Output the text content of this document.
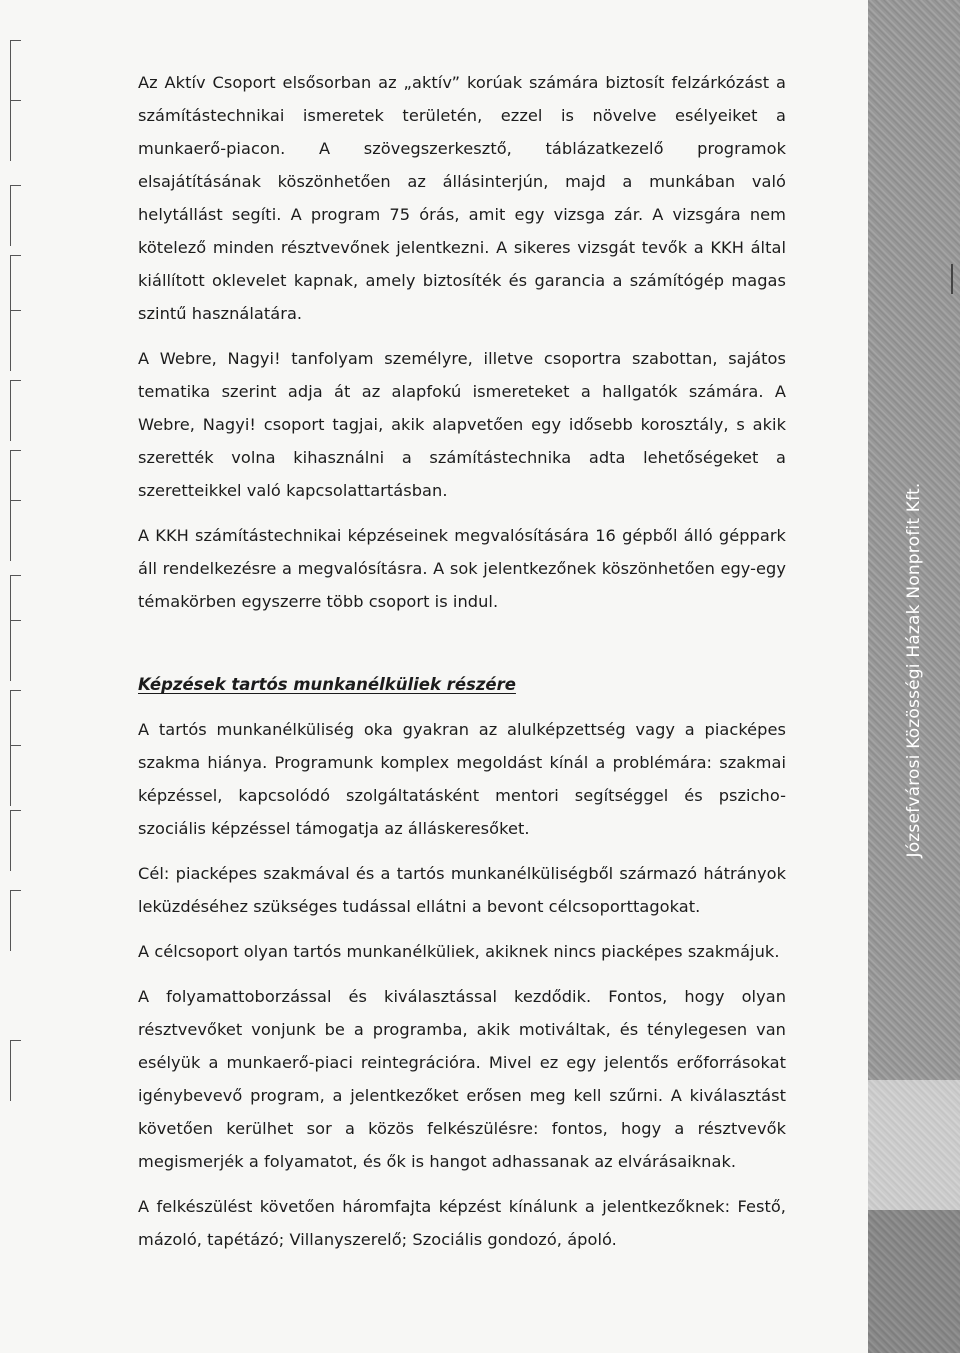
Az Aktív Csoport elsősorban az „aktív” korúak számára biztosít felzárkózást a számítástechnikai ismeretek területén, ezzel is növelve esélyeiket a munkaerő-piacon. A szövegszerkesztő, táblázatkezelő programok elsajátításának köszönhetően az állásinterjún, majd a munkában való helytállást segíti. A program 75 órás, amit egy vizsga zár. A vizsgára nem kötelező minden résztvevőnek jelentkezni. A sikeres vizsgát tevők a KKH által kiállított oklevelet kapnak, amely biztosíték és garancia a számítógép magas szintű használatára.

A Webre, Nagyi! tanfolyam személyre, illetve csoportra szabottan, sajátos tematika szerint adja át az alapfokú ismereteket a hallgatók számára. A Webre, Nagyi! csoport tagjai, akik alapvetően egy idősebb korosztály, s akik szerették volna kihasználni a számítástechnika adta lehetőségeket a szeretteikkel való kapcsolattartásban.

A KKH számítástechnikai képzéseinek megvalósítására 16 gépből álló géppark áll rendelkezésre a megvalósításra. A sok jelentkezőnek köszönhetően egy-egy témakörben egyszerre több csoport is indul.

Képzések tartós munkanélküliek részére

A tartós munkanélküliség oka gyakran az alulképzettség vagy a piacképes szakma hiánya. Programunk komplex megoldást kínál a problémára: szakmai képzéssel, kapcsolódó szolgáltatásként mentori segítséggel és pszicho-szociális képzéssel támogatja az álláskeresőket.

Cél: piacképes szakmával és a tartós munkanélküliségből származó hátrányok leküzdéséhez szükséges tudással ellátni a bevont célcsoporttagokat.

A célcsoport olyan tartós munkanélküliek, akiknek nincs piacképes szakmájuk.

A folyamattoborzással és kiválasztással kezdődik. Fontos, hogy olyan résztvevőket vonjunk be a programba, akik motiváltak, és ténylegesen van esélyük a munkaerő-piaci reintegrációra. Mivel ez egy jelentős erőforrásokat igénybevevő program, a jelentkezőket erősen meg kell szűrni. A kiválasztást követően kerülhet sor a közös felkészülésre: fontos, hogy a résztvevők megismerjék a folyamatot, és ők is hangot adhassanak az elvárásaiknak.

A felkészülést követően háromfajta képzést kínálunk a jelentkezőknek: Festő, mázoló, tapétázó; Villanyszerelő; Szociális gondozó, ápoló.

Józsefvárosi Közösségi Házak Nonprofit Kft.
